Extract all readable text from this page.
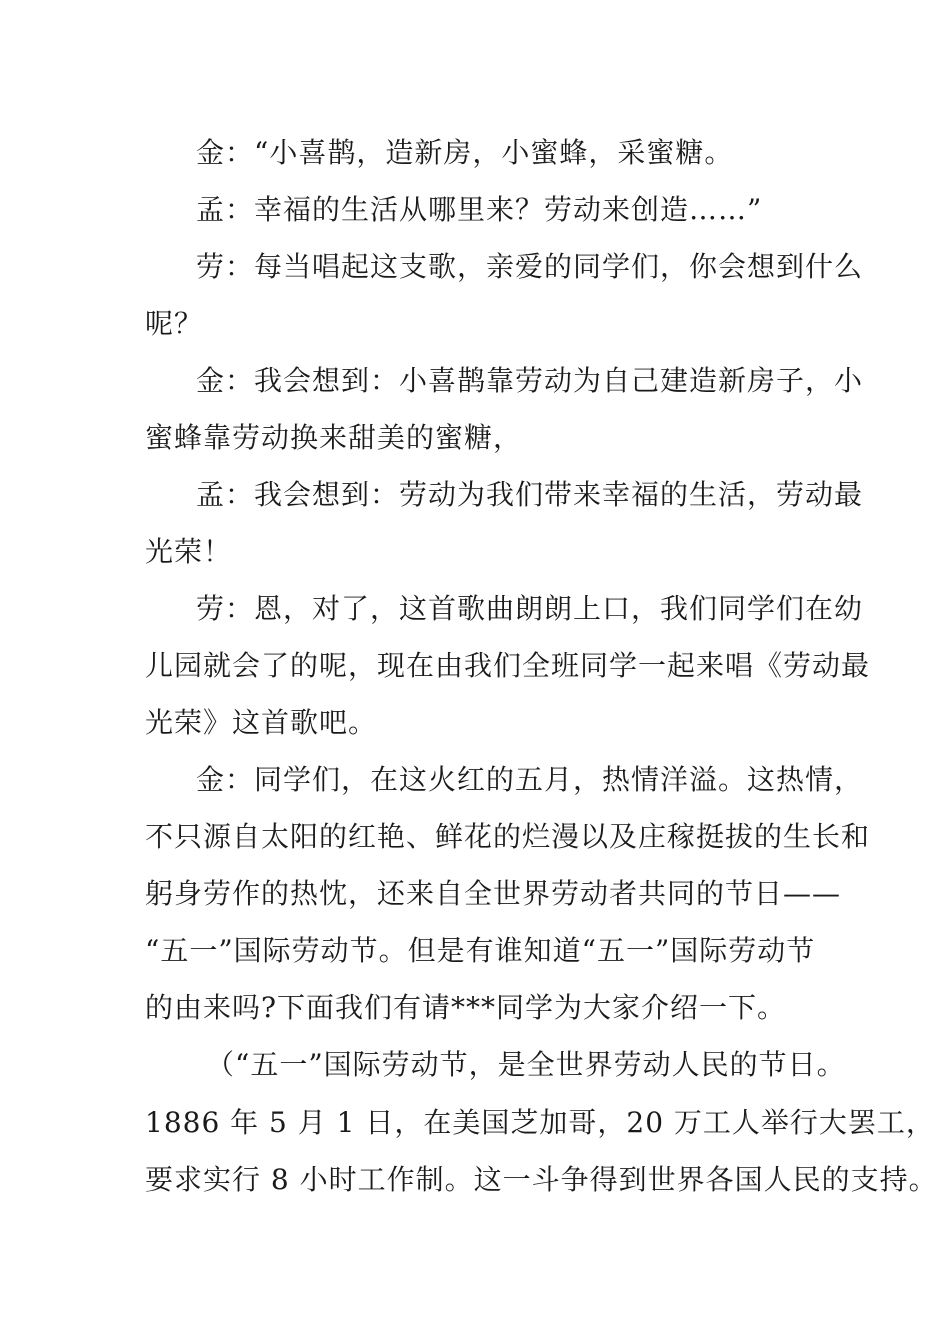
金：“小喜鹊，造新房，小蜜蜂，采蜜糖。
孟：幸福的生活从哪里来？劳动来创造……”
劳：每当唱起这支歌，亲爱的同学们，你会想到什么
呢？
金：我会想到：小喜鹊靠劳动为自己建造新房子，小
蜜蜂靠劳动换来甜美的蜜糖，
孟：我会想到：劳动为我们带来幸福的生活，劳动最
光荣！
劳：恩，对了，这首歌曲朗朗上口，我们同学们在幼
儿园就会了的呢，现在由我们全班同学一起来唱《劳动最
光荣》这首歌吧。
金：同学们，在这火红的五月，热情洋溢。这热情，
不只源自太阳的红艳、鲜花的烂漫以及庄稼挺拔的生长和
躬身劳作的热忱，还来自全世界劳动者共同的节日——
“五一”国际劳动节。但是有谁知道“五一”国际劳动节
的由来吗?下面我们有请***同学为大家介绍一下。
（“五一”国际劳动节，是全世界劳动人民的节日。
1886 年 5 月 1 日，在美国芝加哥，20 万工人举行大罢工，
要求实行 8 小时工作制。这一斗争得到世界各国人民的支持。
